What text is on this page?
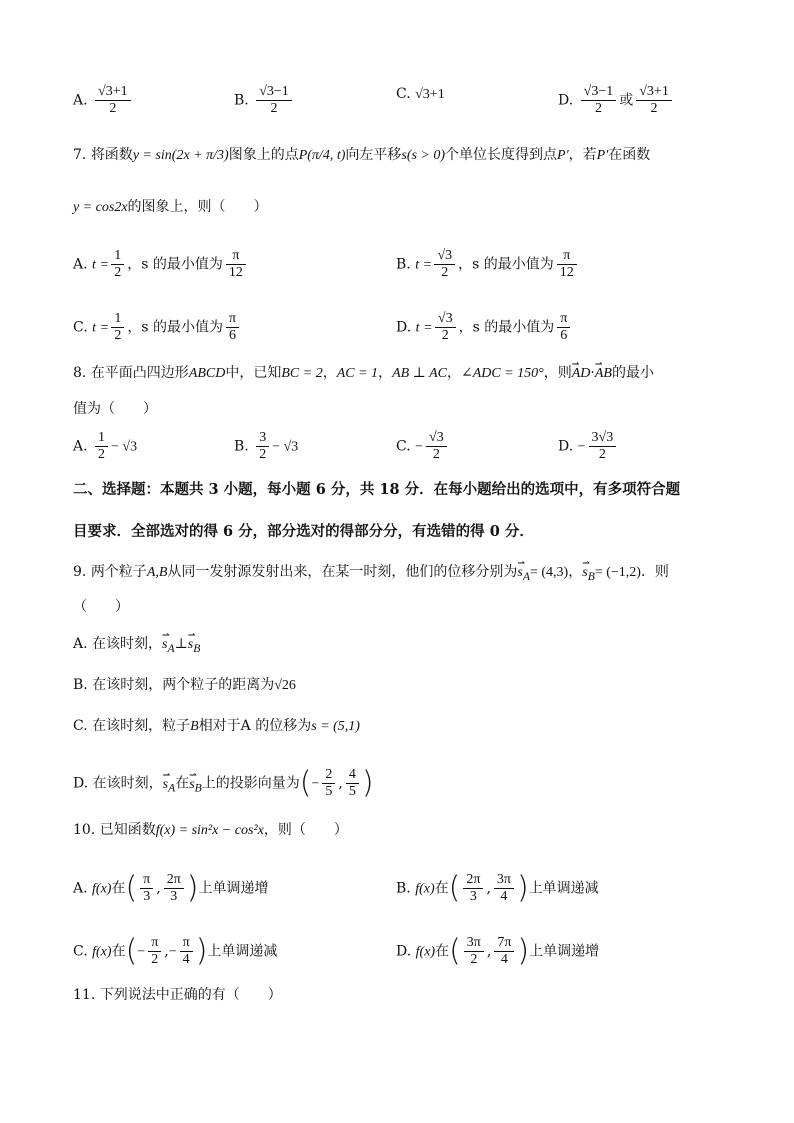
A. $\frac{√3+1}{2}$	B. $\frac{√3-1}{2}$	C. √3+1	D. $\frac{√3-1}{2}$ 或 $\frac{√3+1}{2}$
7. 将函数y = sin(2x + π/3)图象上的点P(π/4, t)向左平移s(s > 0)个单位长度得到点P′，若P′在函数
y = cos2x的图象上，则（　　）
A. $t = \frac{1}{2}$ ，s 的最小值为 $\frac{\pi}{12}$	B. $t = \frac{√3}{2}$ ，s 的最小值为 $\frac{\pi}{12}$
C. $t = \frac{1}{2}$ ，s 的最小值为 $\frac{\pi}{6}$	D. $t = \frac{√3}{2}$ ，s 的最小值为 $\frac{\pi}{6}$
8. 在平面凸四边形ABCD中，已知BC = 2，AC = 1，AB ⊥ AC，∠ADC = 150°，则⇀ AD·⇀ AB的最小
值为（　　）
A. $\frac{1}{2} - √3$	B. $\frac{3}{2} - √3$	C. − $\frac{√3}{2}$	D. − $\frac{3√3}{2}$
二、选择题：本题共 3 小题，每小题 6 分，共 18 分．在每小题给出的选项中，有多项符合题
目要求．全部选对的得 6 分，部分选对的得部分分，有选错的得 0 分．
9. 两个粒子A,B从同一发射源发射出来，在某一时刻，他们的位移分别为⇀ $s_A= (4,3)$，⇀ $s_B= (-1,2)$．则
（　　）
A. 在该时刻，⇀ $s_A\perp⇀$ $s_B$
B. 在该时刻，两个粒子的距离为√26
C. 在该时刻，粒子B相对于A 的位移为s = (5,1)
D. 在该时刻，⇀ $s_A$在⇀ $s_B$上的投影向量为(− $\frac{2}{5}$ , $\frac{4}{5}$ )
10. 已知函数f(x) = sin²x − cos²x，则（　　）
A. f(x)在( $\frac{\pi}{3}$ , $\frac{2\pi}{3}$ )上单调递增	B. f(x)在( $\frac{2\pi}{3}$ , $\frac{3\pi}{4}$ )上单调递减
C. f(x)在(− $\frac{\pi}{2}$ ,− $\frac{\pi}{4}$ )上单调递减	D. f(x)在( $\frac{3\pi}{2}$ , $\frac{7\pi}{4}$ )上单调递增
11. 下列说法中正确的有（　　）
